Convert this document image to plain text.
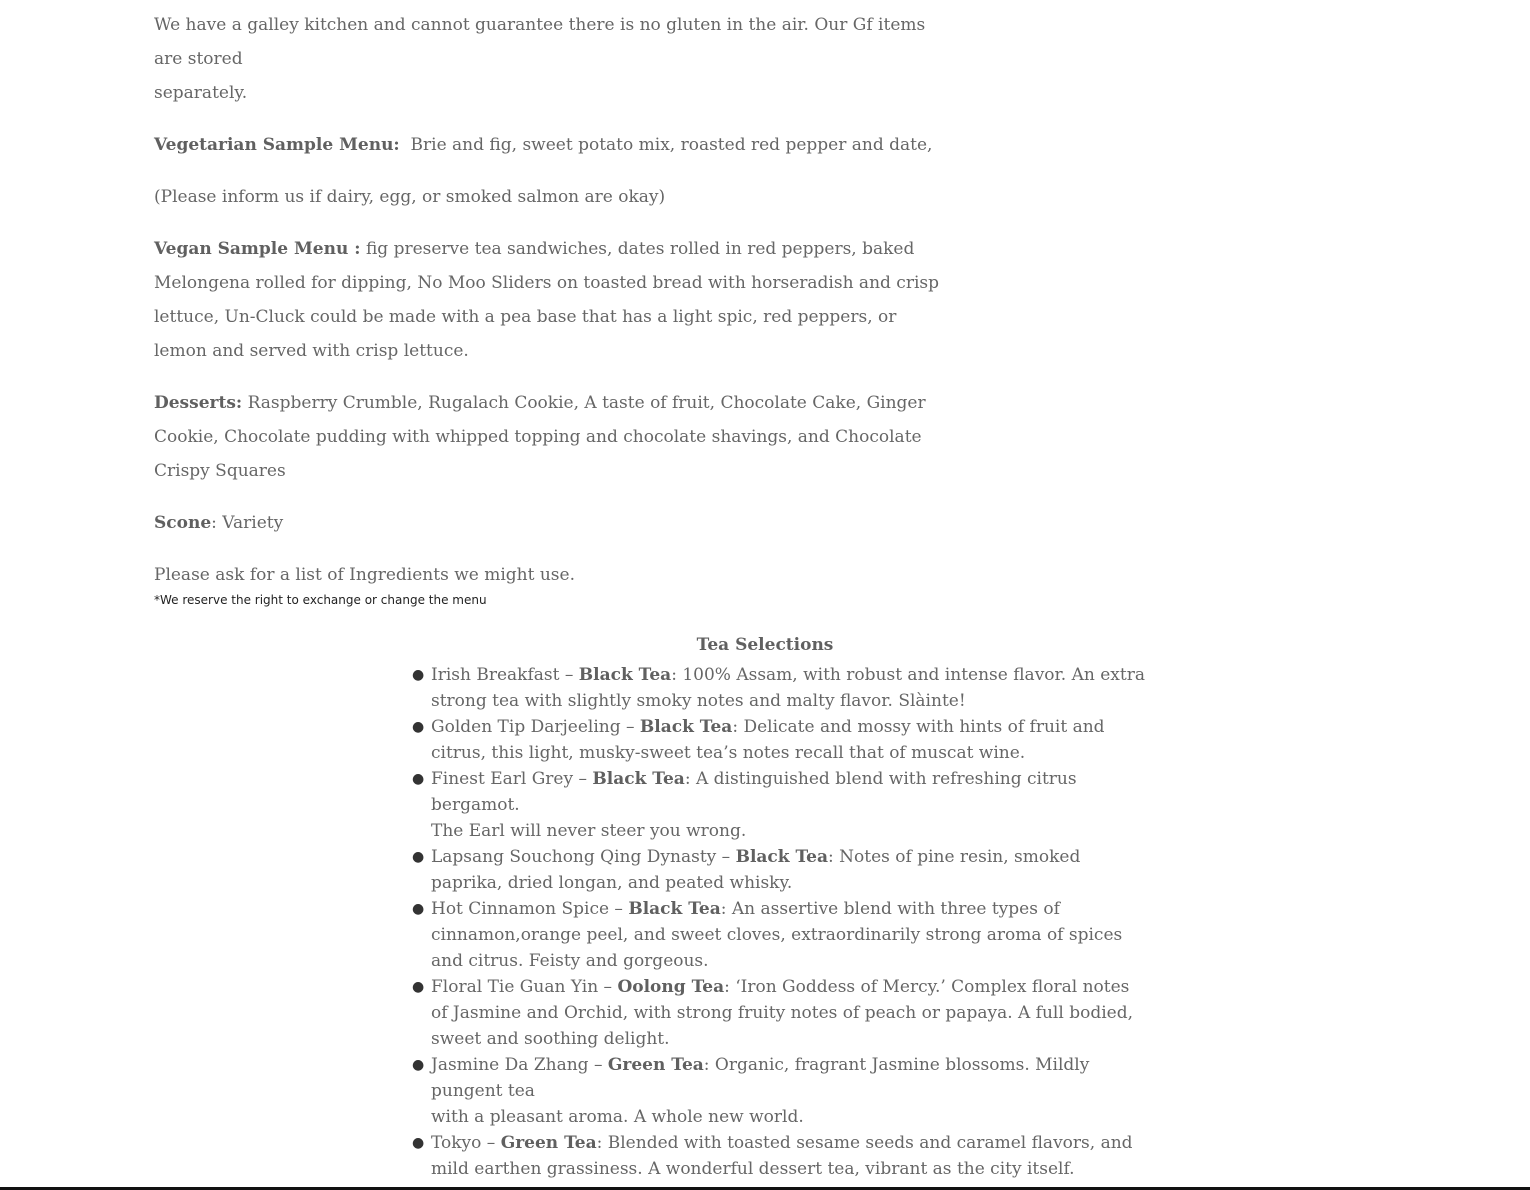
We have a galley kitchen and cannot guarantee there is no gluten in the air. Our Gf items are stored
separately.

Vegetarian Sample Menu:  Brie and fig, sweet potato mix, roasted red pepper and date,

(Please inform us if dairy, egg, or smoked salmon are okay)

Vegan Sample Menu : fig preserve tea sandwiches, dates rolled in red peppers, baked Melongena rolled for dipping, No Moo Sliders on toasted bread with horseradish and crisp lettuce, Un-Cluck could be made with a pea base that has a light spic, red peppers, or lemon and served with crisp lettuce.

Desserts: Raspberry Crumble, Rugalach Cookie, A taste of fruit, Chocolate Cake, Ginger Cookie, Chocolate pudding with whipped topping and chocolate shavings, and Chocolate Crispy Squares

Scone: Variety

Please ask for a list of Ingredients we might use.

*We reserve the right to exchange or change the menu
Tea Selections
● Irish Breakfast – Black Tea: 100% Assam, with robust and intense flavor. An extra strong tea with slightly smoky notes and malty flavor. Slàinte!
● Golden Tip Darjeeling – Black Tea: Delicate and mossy with hints of fruit and citrus, this light, musky-sweet tea’s notes recall that of muscat wine.
● Finest Earl Grey – Black Tea: A distinguished blend with refreshing citrus bergamot.
The Earl will never steer you wrong.
● Lapsang Souchong Qing Dynasty – Black Tea: Notes of pine resin, smoked paprika, dried longan, and peated whisky.
● Hot Cinnamon Spice – Black Tea: An assertive blend with three types of cinnamon,orange peel, and sweet cloves, extraordinarily strong aroma of spices and citrus. Feisty and gorgeous.
● Floral Tie Guan Yin – Oolong Tea: ‘Iron Goddess of Mercy.’ Complex floral notes of Jasmine and Orchid, with strong fruity notes of peach or papaya. A full bodied, sweet and soothing delight.
● Jasmine Da Zhang – Green Tea: Organic, fragrant Jasmine blossoms. Mildly pungent tea
with a pleasant aroma. A whole new world.
● Tokyo – Green Tea: Blended with toasted sesame seeds and caramel flavors, and mild earthen grassiness. A wonderful dessert tea, vibrant as the city itself.
